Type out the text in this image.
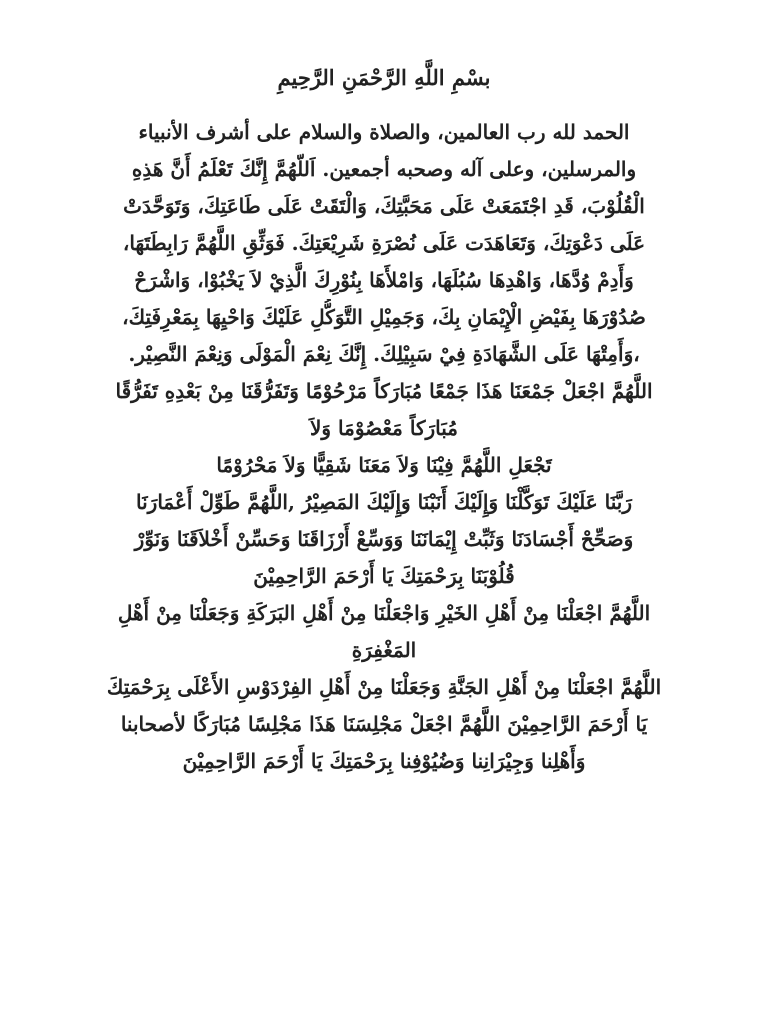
بسْمِ اللَّهِ الرَّحْمَنِ الرَّحِيمِ

الحمد لله رب العالمين، والصلاة والسلام على أشرف الأنبياء

والمرسلين، وعلى آله وصحبه أجمعين. اَللّهُمَّ إِنَّكَ تَعْلَمُ أَنَّ هَذِهِ

الْقُلُوْبَ، قَدِ اجْتَمَعَتْ عَلَى مَحَبَّتِكَ، وَالْتَقَتْ عَلَى طَاعَتِكَ، وَتَوَحَّدَتْ

عَلَى دَعْوَتِكَ، وَتَعَاهَدَت عَلَى نُصْرَةِ شَرِيْعَتِكَ. فَوَثِّقِ اللَّهُمَّ رَابِطَتَهَا،

وَأَدِمْ وُدَّهَا، وَاهْدِهَا سُبُلَهَا، وَامْلأَهَا بِنُوْرِكَ الَّذِيْ لاَ يَخْبُوْا، وَاشْرَحْ

صُدُوْرَهَا بِفَيْضِ الْإِيْمَانِ بِكَ، وَجَمِيْلِ التَّوَكُّلِ عَلَيْكَ وَاحْيِهَا بِمَعْرِفَتِكَ،

،وَأَمِتْهَا عَلَى الشَّهَادَةِ فِيْ سَبِيْلِكَ. إِنَّكَ نِعْمَ الْمَوْلَى وَنِعْمَ النَّصِيْر.

اللَّهُمَّ اجْعَلْ جَمْعَنَا هَذَا جَمْعًا مُبَارَكاً مَرْحُوْمًا وَتَفَرُّقَنَا مِنْ بَعْدِهِ تَفَرُّقًا

مُبَارَكاً مَعْصُوْمَا وَلاَ

تَجْعَلِ اللَّهُمَّ فِيْنَا وَلاَ مَعَنَا شَقِيًّا وَلاَ مَحْرُوْمًا

رَبَّنَا عَلَيْكَ تَوَكَّلْنَا وَإِلَيْكَ أَنَبْنَا وَإِلَيْكَ المَصِيْرُ ,اللَّهُمَّ طَوِّلْ أَعْمَارَنَا

وَصَحِّحْ أَجْسَادَنَا وَثَبِّتْ إِيْمَانَنَا وَوَسِّعْ أَرْزَاقَنَا وَحَسِّنْ أَخْلاَقَنَا وَنَوِّرْ

قُلُوْبَنَا بِرَحْمَتِكَ يَا أَرْحَمَ الرَّاحِمِيْنَ

اللَّهُمَّ اجْعَلْنَا مِنْ أَهْلِ الخَيْرِ وَاجْعَلْنَا مِنْ أَهْلِ البَرَكَةِ وَجَعَلْنَا مِنْ أَهْلِ

المَغْفِرَةِ

اللَّهُمَّ اجْعَلْنَا مِنْ أَهْلِ الجَنَّةِ وَجَعَلْنَا مِنْ أَهْلِ الفِرْدَوْسِ الأَعْلَى بِرَحْمَتِكَ

يَا أَرْحَمَ الرَّاحِمِيْنَ اللَّهُمَّ اجْعَلْ مَجْلِسَنَا هَذَا مَجْلِسًا مُبَارَكًا لأصحابنا

وَأَهْلِنا وَجِيْرَانِنا وَضُيُوْفِنا بِرَحْمَتِكَ يَا أَرْحَمَ الرَّاحِمِيْنَ
